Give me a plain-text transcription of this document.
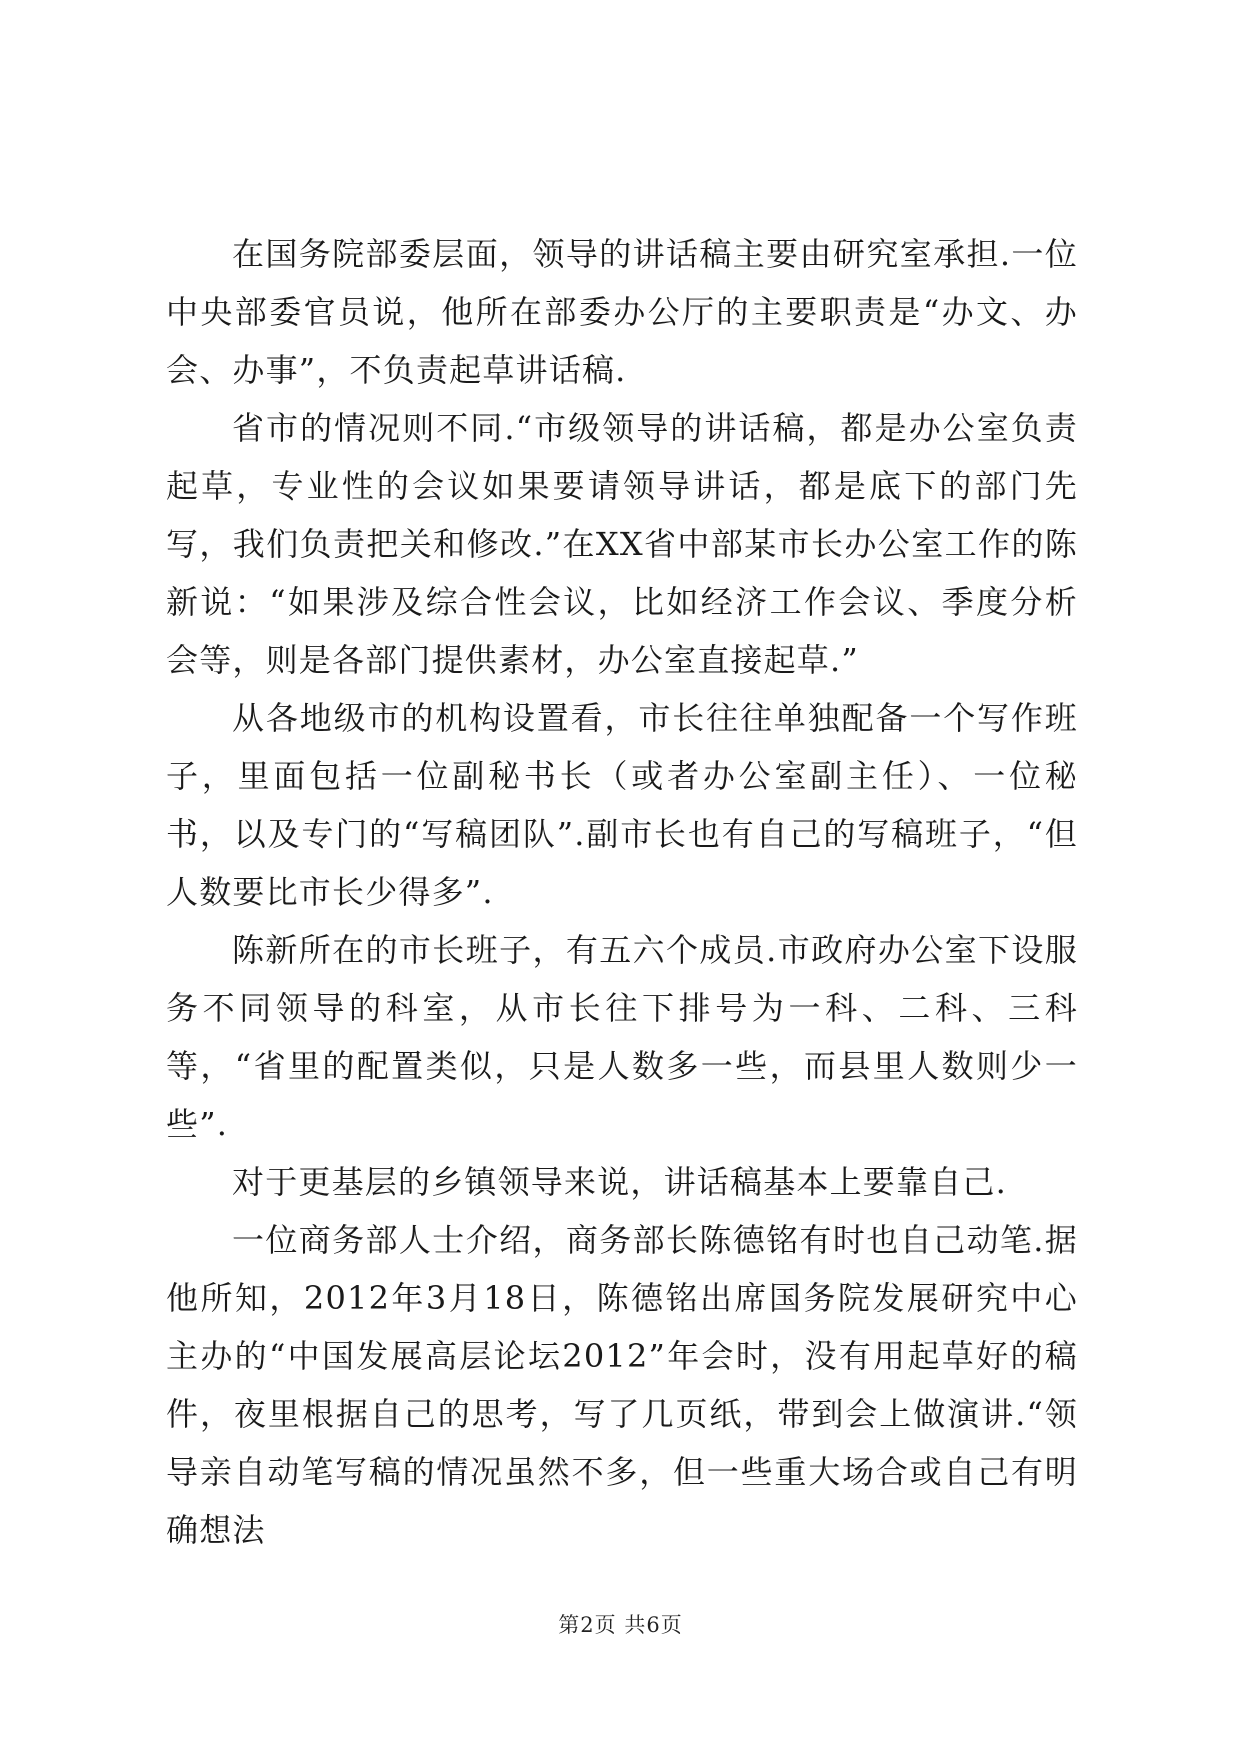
在国务院部委层面，领导的讲话稿主要由研究室承担.一位中央部委官员说，他所在部委办公厅的主要职责是“办文、办会、办事”，不负责起草讲话稿.

省市的情况则不同.“市级领导的讲话稿，都是办公室负责起草，专业性的会议如果要请领导讲话，都是底下的部门先写，我们负责把关和修改.”在XX省中部某市长办公室工作的陈新说：“如果涉及综合性会议，比如经济工作会议、季度分析会等，则是各部门提供素材，办公室直接起草.”

从各地级市的机构设置看，市长往往单独配备一个写作班子，里面包括一位副秘书长（或者办公室副主任）、一位秘书，以及专门的“写稿团队”.副市长也有自己的写稿班子，“但人数要比市长少得多”.

陈新所在的市长班子，有五六个成员.市政府办公室下设服务不同领导的科室，从市长往下排号为一科、二科、三科等，“省里的配置类似，只是人数多一些，而县里人数则少一些”.

对于更基层的乡镇领导来说，讲话稿基本上要靠自己.

一位商务部人士介绍，商务部长陈德铭有时也自己动笔.据他所知，2012年3月18日，陈德铭出席国务院发展研究中心主办的“中国发展高层论坛2012”年会时，没有用起草好的稿件，夜里根据自己的思考，写了几页纸，带到会上做演讲.“领导亲自动笔写稿的情况虽然不多，但一些重大场合或自己有明确想法

第2页 共6页
